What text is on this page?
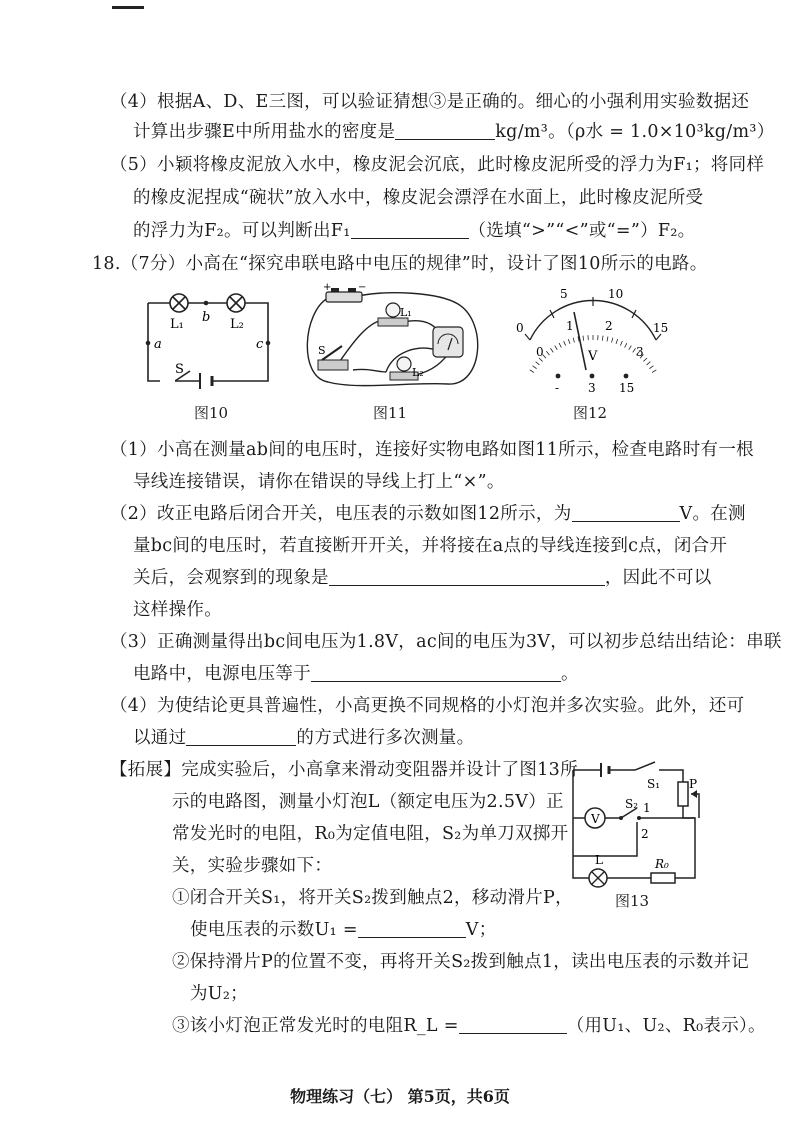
（4）根据A、D、E三图，可以验证猜想③是正确的。细心的小强利用实验数据还
计算出步骤E中所用盐水的密度是	kg/m³。（ρ水 = 1.0×10³kg/m³）
（5）小颖将橡皮泥放入水中，橡皮泥会沉底，此时橡皮泥所受的浮力为F₁；将同样
的橡皮泥捏成“碗状”放入水中，橡皮泥会漂浮在水面上，此时橡皮泥所受
的浮力为F₂。可以判断出F₁	（选填“>”“<”或“=”）F₂。
18.（7分）小高在“探究串联电路中电压的规律”时，设计了图10所示的电路。
L₁	L₂
b
a	c
S
图10
+	−
L₁
L₂
S
图11
0
5	10
15
0
1	2
3
V
- 3 15
图12
（1）小高在测量ab间的电压时，连接好实物电路如图11所示，检查电路时有一根
导线连接错误，请你在错误的导线上打上“×”。
（2）改正电路后闭合开关，电压表的示数如图12所示，为	V。在测
量bc间的电压时，若直接断开开关，并将接在a点的导线连接到c点，闭合开
关后，会观察到的现象是	，因此不可以
这样操作。
（3）正确测量得出bc间电压为1.8V，ac间的电压为3V，可以初步总结出结论：串联
电路中，电源电压等于	。
（4）为使结论更具普遍性，小高更换不同规格的小灯泡并多次实验。此外，还可
以通过	的方式进行多次测量。
【拓展】完成实验后，小高拿来滑动变阻器并设计了图13所
示的电路图，测量小灯泡L（额定电压为2.5V）正
常发光时的电阻，R₀为定值电阻，S₂为单刀双掷开
关，实验步骤如下：
①闭合开关S₁，将开关S₂拨到触点2，移动滑片P，
使电压表的示数U₁ =	V；
②保持滑片P的位置不变，再将开关S₂拨到触点1，读出电压表的示数并记
为U₂；
③该小灯泡正常发光时的电阻R_L =	（用U₁、U₂、R₀表示）。
V
S₁ P
S₂ 1
2
L	R₀
图13
物理练习（七） 第5页，共6页
